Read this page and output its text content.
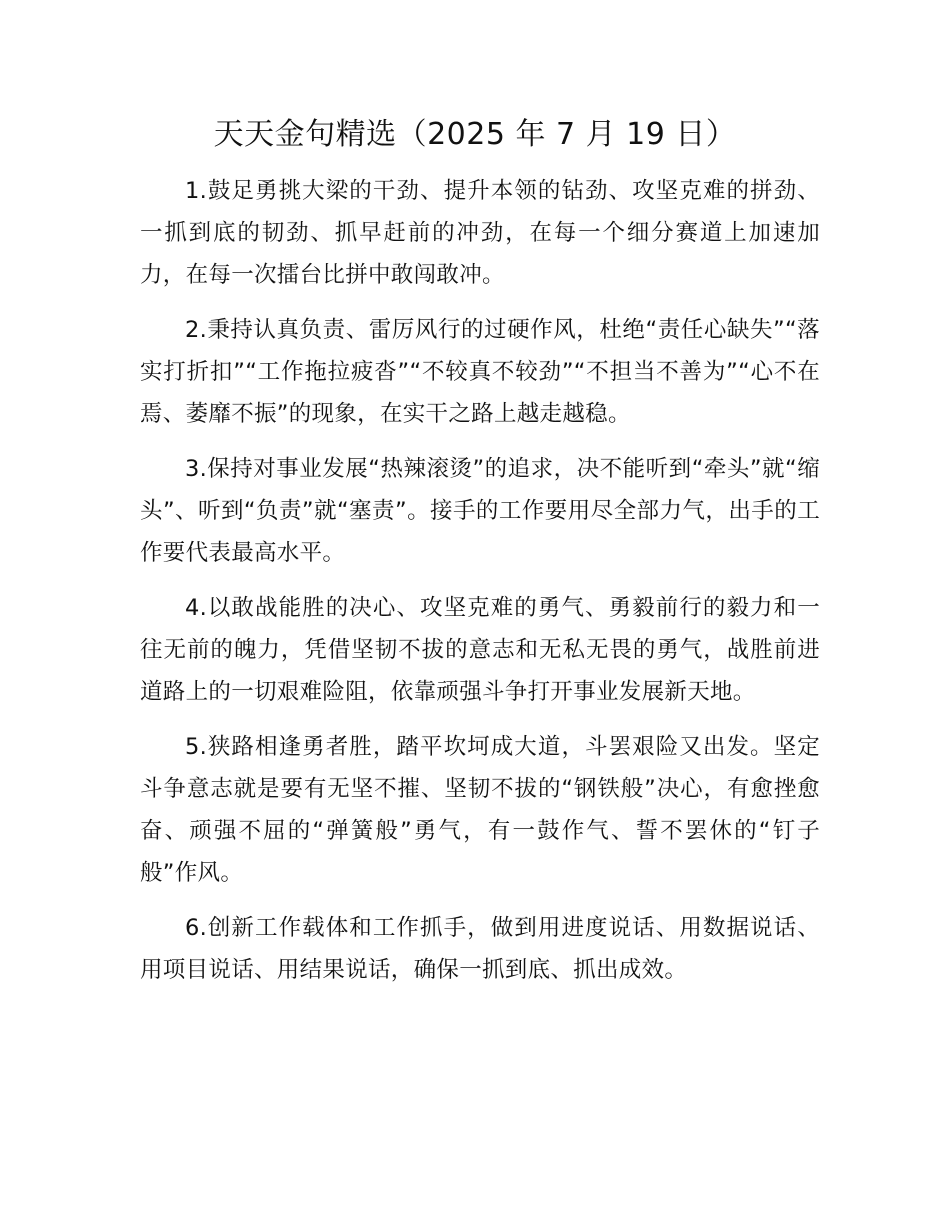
天天金句精选（2025 年 7 月 19 日）

1.鼓足勇挑大梁的干劲、提升本领的钻劲、攻坚克难的拼劲、一抓到底的韧劲、抓早赶前的冲劲，在每一个细分赛道上加速加力，在每一次擂台比拼中敢闯敢冲。

2.秉持认真负责、雷厉风行的过硬作风，杜绝“责任心缺失”“落实打折扣”“工作拖拉疲沓”“不较真不较劲”“不担当不善为”“心不在焉、萎靡不振”的现象，在实干之路上越走越稳。

3.保持对事业发展“热辣滚烫”的追求，决不能听到“牵头”就“缩头”、听到“负责”就“塞责”。接手的工作要用尽全部力气，出手的工作要代表最高水平。

4.以敢战能胜的决心、攻坚克难的勇气、勇毅前行的毅力和一往无前的魄力，凭借坚韧不拔的意志和无私无畏的勇气，战胜前进道路上的一切艰难险阻，依靠顽强斗争打开事业发展新天地。

5.狭路相逢勇者胜，踏平坎坷成大道，斗罢艰险又出发。坚定斗争意志就是要有无坚不摧、坚韧不拔的“钢铁般”决心，有愈挫愈奋、顽强不屈的“弹簧般”勇气，有一鼓作气、誓不罢休的“钉子般”作风。

6.创新工作载体和工作抓手，做到用进度说话、用数据说话、用项目说话、用结果说话，确保一抓到底、抓出成效。
